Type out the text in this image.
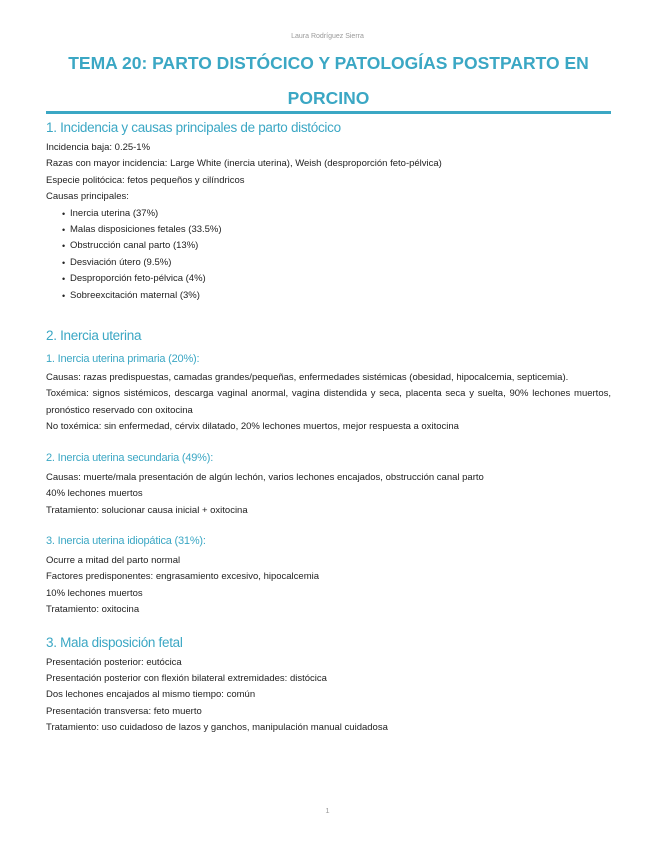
Laura Rodríguez Sierra
TEMA 20: PARTO DISTÓCICO Y PATOLOGÍAS POSTPARTO EN PORCINO
1. Incidencia y causas principales de parto distócico

Incidencia baja: 0.25-1%

Razas con mayor incidencia: Large White (inercia uterina), Weish (desproporción feto-pélvica)

Especie politócica: fetos pequeños y cilíndricos

Causas principales:

• Inercia uterina (37%)
• Malas disposiciones fetales (33.5%)
• Obstrucción canal parto (13%)
• Desviación útero (9.5%)
• Desproporción feto-pélvica (4%)
• Sobreexcitación maternal (3%)
2. Inercia uterina
1. Inercia uterina primaria (20%):

Causas: razas predispuestas, camadas grandes/pequeñas, enfermedades sistémicas (obesidad, hipocalcemia, septicemia).

Toxémica: signos sistémicos, descarga vaginal anormal, vagina distendida y seca, placenta seca y suelta, 90% lechones muertos, pronóstico reservado con oxitocina

No toxémica: sin enfermedad, cérvix dilatado, 20% lechones muertos, mejor respuesta a oxitocina

2. Inercia uterina secundaria (49%):

Causas: muerte/mala presentación de algún lechón, varios lechones encajados, obstrucción canal parto

40% lechones muertos

Tratamiento: solucionar causa inicial + oxitocina

3. Inercia uterina idiopática (31%):

Ocurre a mitad del parto normal

Factores predisponentes: engrasamiento excesivo, hipocalcemia

10% lechones muertos

Tratamiento: oxitocina

3. Mala disposición fetal

Presentación posterior: eutócica

Presentación posterior con flexión bilateral extremidades: distócica

Dos lechones encajados al mismo tiempo: común

Presentación transversa: feto muerto

Tratamiento: uso cuidadoso de lazos y ganchos, manipulación manual cuidadosa

1
